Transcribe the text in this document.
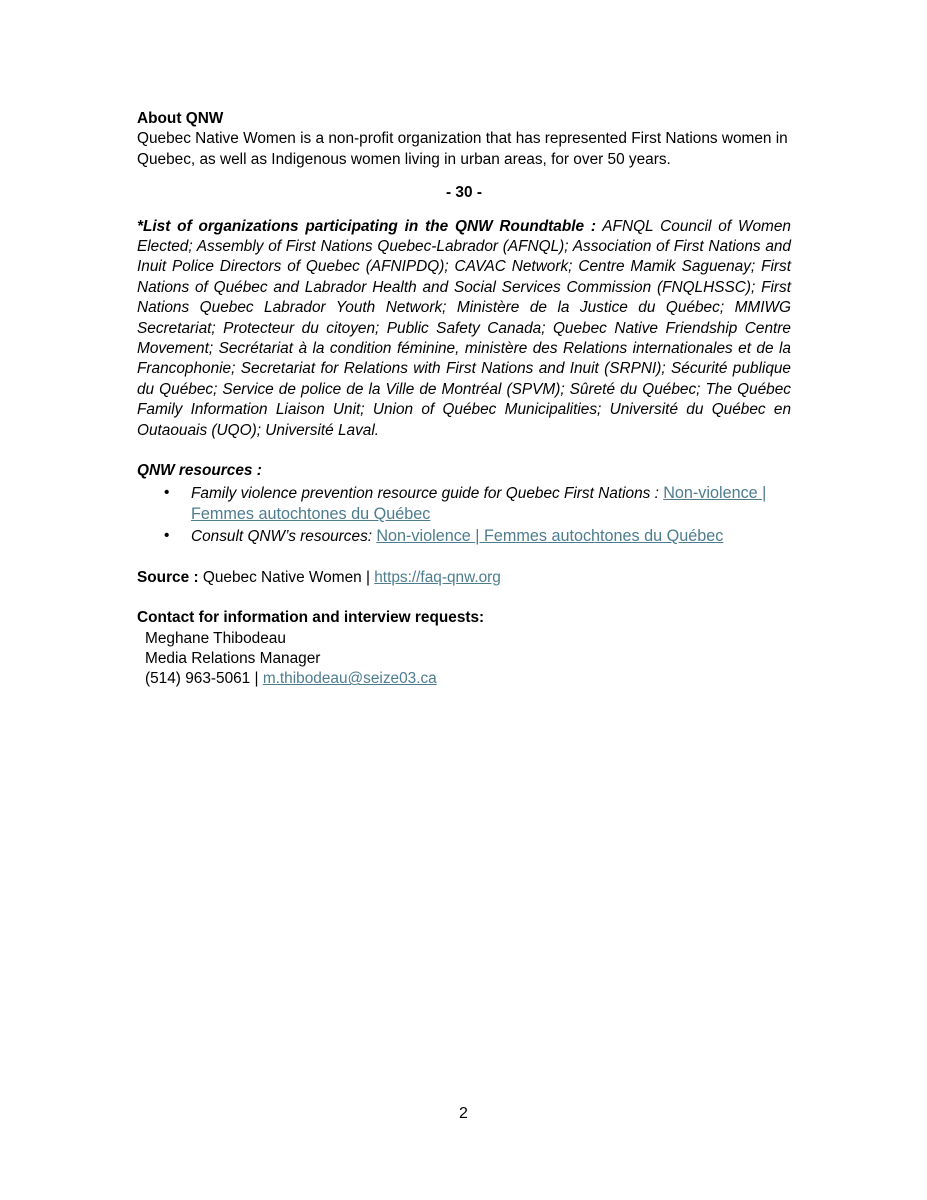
About QNW

Quebec Native Women is a non-profit organization that has represented First Nations women in Quebec, as well as Indigenous women living in urban areas, for over 50 years.

- 30 -

*List of organizations participating in the QNW Roundtable : AFNQL Council of Women Elected; Assembly of First Nations Quebec-Labrador (AFNQL); Association of First Nations and Inuit Police Directors of Quebec (AFNIPDQ); CAVAC Network; Centre Mamik Saguenay; First Nations of Québec and Labrador Health and Social Services Commission (FNQLHSSC); First Nations Quebec Labrador Youth Network; Ministère de la Justice du Québec; MMIWG Secretariat; Protecteur du citoyen; Public Safety Canada; Quebec Native Friendship Centre Movement; Secrétariat à la condition féminine, ministère des Relations internationales et de la Francophonie; Secretariat for Relations with First Nations and Inuit (SRPNI); Sécurité publique du Québec; Service de police de la Ville de Montréal (SPVM); Sûreté du Québec; The Québec Family Information Liaison Unit; Union of Québec Municipalities; Université du Québec en Outaouais (UQO); Université Laval.

QNW resources :

• Family violence prevention resource guide for Quebec First Nations : Non-violence | Femmes autochtones du Québec
• Consult QNW’s resources: Non-violence | Femmes autochtones du Québec

Source : Quebec Native Women | https://faq-qnw.org

Contact for information and interview requests:

Meghane Thibodeau

Media Relations Manager

(514) 963-5061 | m.thibodeau@seize03.ca

2
